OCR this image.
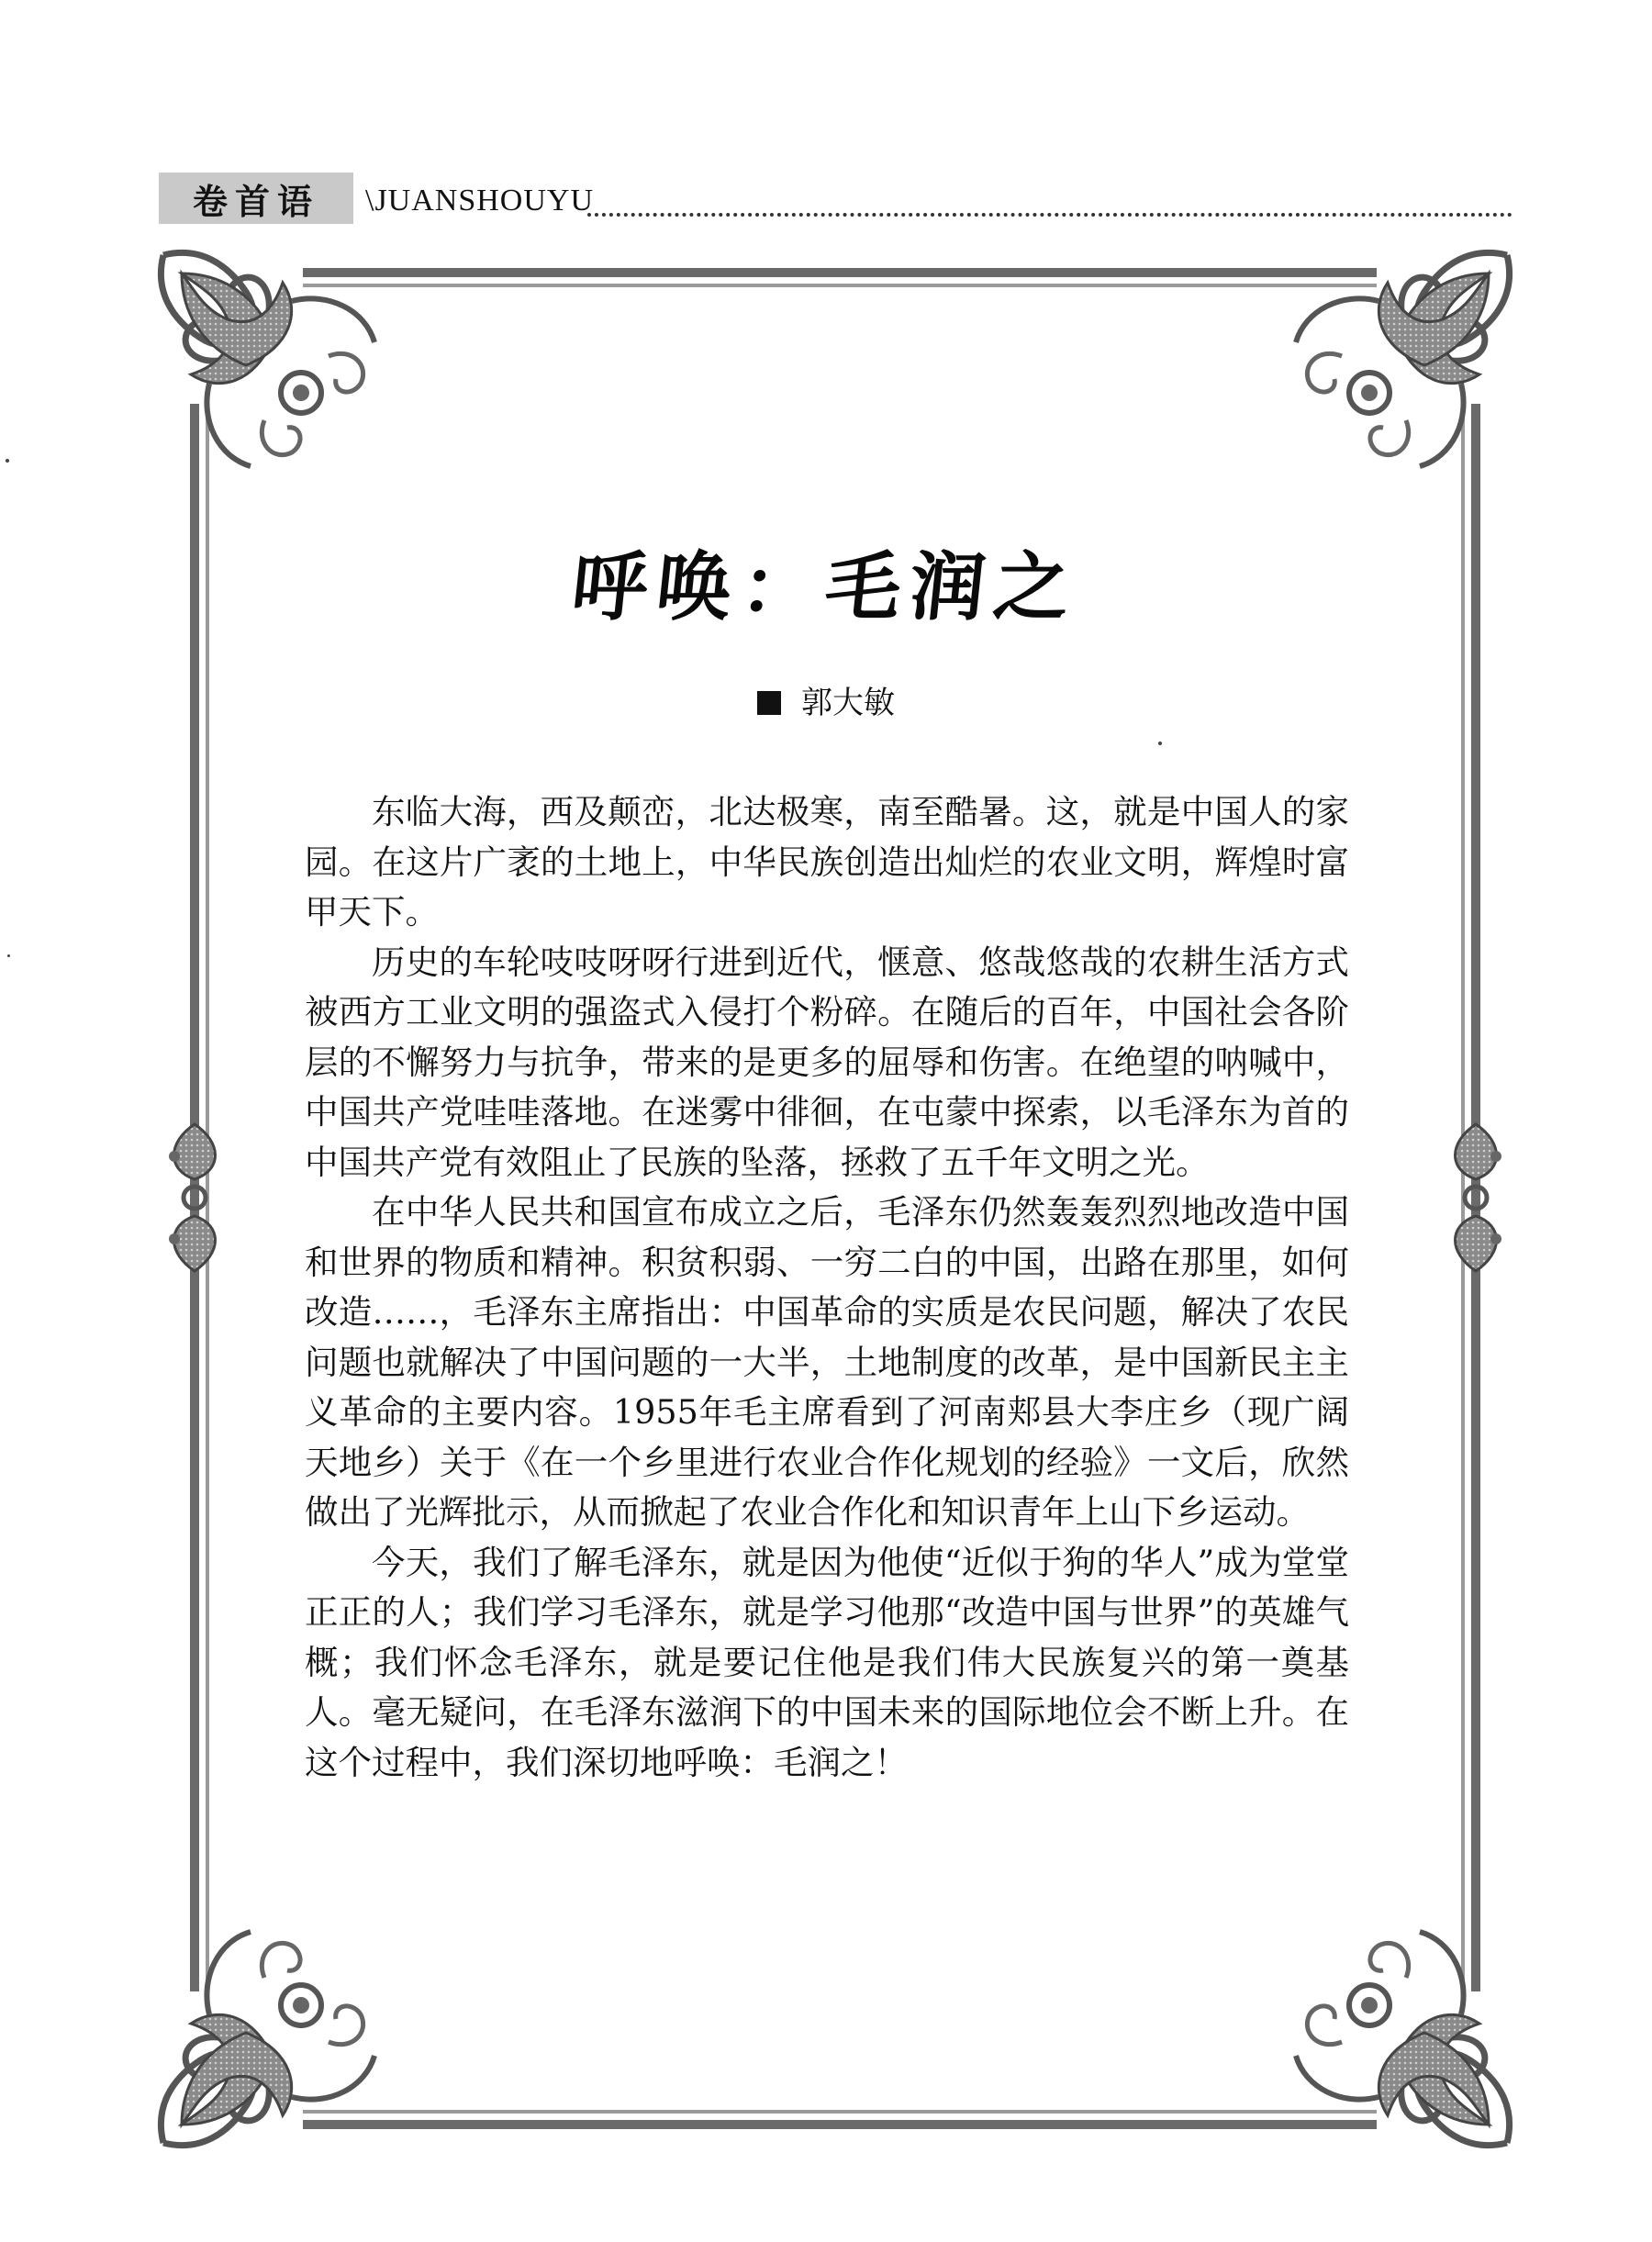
卷首语	\JUANSHOUYU
呼唤：毛润之
郭大敏

东临大海，西及颠峦，北达极寒，南至酷暑。这，就是中国人的家园。在这片广袤的土地上，中华民族创造出灿烂的农业文明，辉煌时富甲天下。

历史的车轮吱吱呀呀行进到近代，惬意、悠哉悠哉的农耕生活方式被西方工业文明的强盗式入侵打个粉碎。在随后的百年，中国社会各阶层的不懈努力与抗争，带来的是更多的屈辱和伤害。在绝望的呐喊中，中国共产党哇哇落地。在迷雾中徘徊，在屯蒙中探索，以毛泽东为首的中国共产党有效阻止了民族的坠落，拯救了五千年文明之光。

在中华人民共和国宣布成立之后，毛泽东仍然轰轰烈烈地改造中国和世界的物质和精神。积贫积弱、一穷二白的中国，出路在那里，如何改造……，毛泽东主席指出：中国革命的实质是农民问题，解决了农民问题也就解决了中国问题的一大半，土地制度的改革，是中国新民主主义革命的主要内容。1955年毛主席看到了河南郏县大李庄乡（现广阔天地乡）关于《在一个乡里进行农业合作化规划的经验》一文后，欣然做出了光辉批示，从而掀起了农业合作化和知识青年上山下乡运动。

今天，我们了解毛泽东，就是因为他使“近似于狗的华人”成为堂堂正正的人；我们学习毛泽东，就是学习他那“改造中国与世界”的英雄气概；我们怀念毛泽东，就是要记住他是我们伟大民族复兴的第一奠基人。毫无疑问，在毛泽东滋润下的中国未来的国际地位会不断上升。在这个过程中，我们深切地呼唤：毛润之！
